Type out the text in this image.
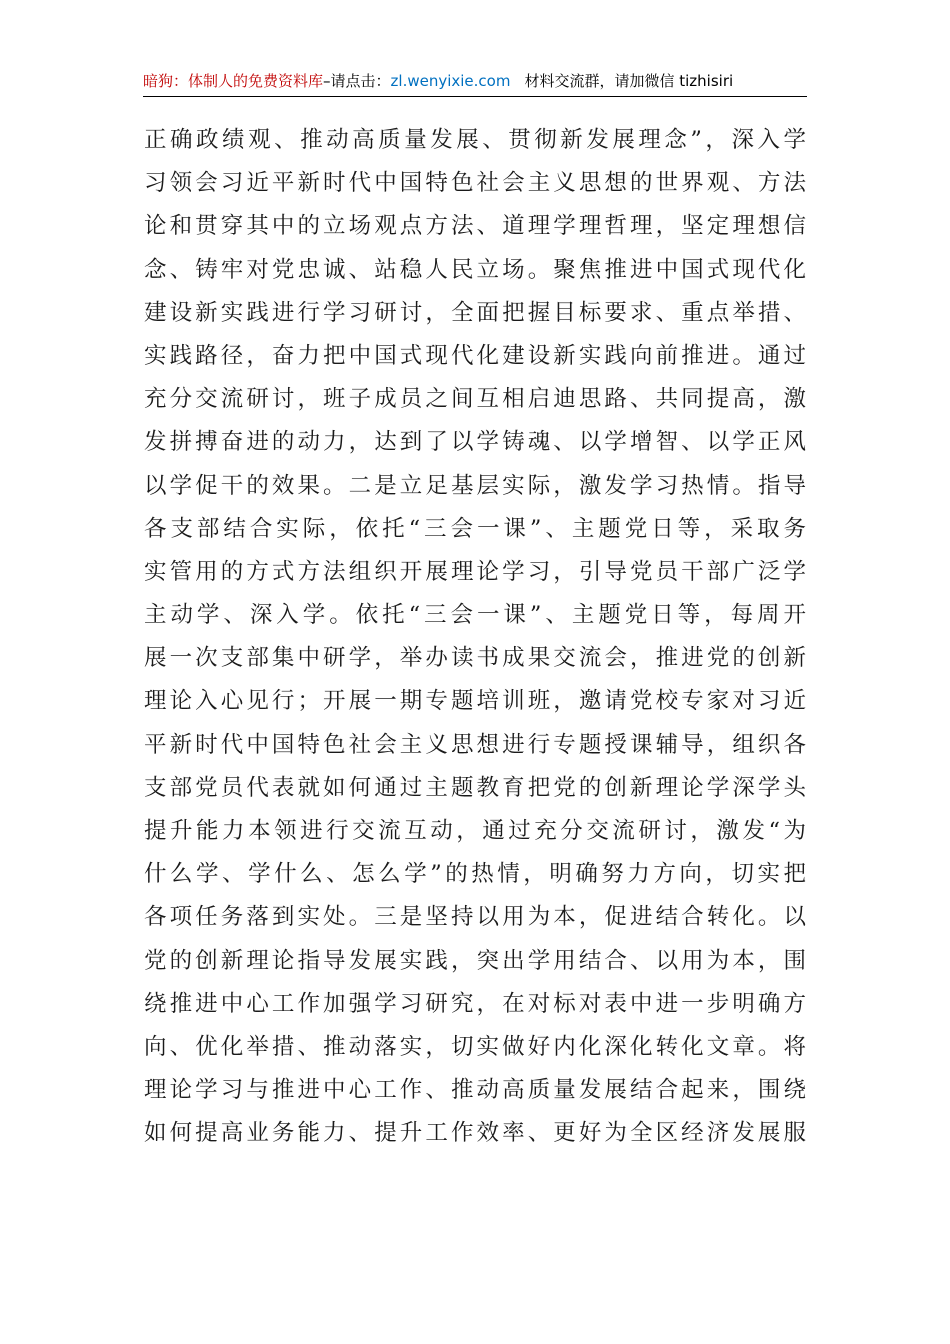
暗狗：体制人的免费资料库–请点击：zl.wenyixie.com 材料交流群，请加微信 tizhisiri
正确政绩观、推动高质量发展、贯彻新发展理念”，深入学
习领会习近平新时代中国特色社会主义思想的世界观、方法
论和贯穿其中的立场观点方法、道理学理哲理，坚定理想信
念、铸牢对党忠诚、站稳人民立场。聚焦推进中国式现代化
建设新实践进行学习研讨，全面把握目标要求、重点举措、
实践路径，奋力把中国式现代化建设新实践向前推进。通过
充分交流研讨，班子成员之间互相启迪思路、共同提高，激
发拼搏奋进的动力，达到了以学铸魂、以学增智、以学正风
以学促干的效果。二是立足基层实际，激发学习热情。指导
各支部结合实际，依托“三会一课”、主题党日等，采取务
实管用的方式方法组织开展理论学习，引导党员干部广泛学
主动学、深入学。依托“三会一课”、主题党日等，每周开
展一次支部集中研学，举办读书成果交流会，推进党的创新
理论入心见行；开展一期专题培训班，邀请党校专家对习近
平新时代中国特色社会主义思想进行专题授课辅导，组织各
支部党员代表就如何通过主题教育把党的创新理论学深学头
提升能力本领进行交流互动，通过充分交流研讨，激发“为
什么学、学什么、怎么学”的热情，明确努力方向，切实把
各项任务落到实处。三是坚持以用为本，促进结合转化。以
党的创新理论指导发展实践，突出学用结合、以用为本，围
绕推进中心工作加强学习研究，在对标对表中进一步明确方
向、优化举措、推动落实，切实做好内化深化转化文章。将
理论学习与推进中心工作、推动高质量发展结合起来，围绕
如何提高业务能力、提升工作效率、更好为全区经济发展服
